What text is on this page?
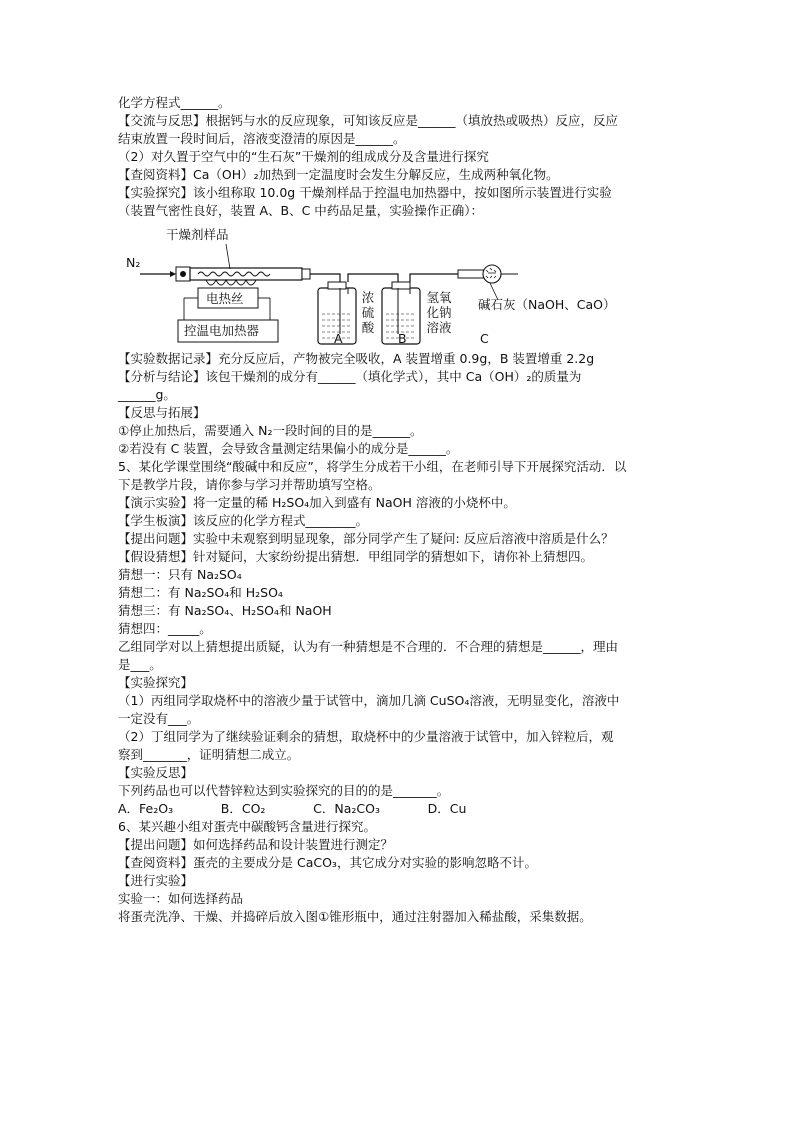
化学方程式______。
【交流与反思】根据钙与水的反应现象，可知该反应是______（填放热或吸热）反应，反应
结束放置一段时间后，溶液变澄清的原因是______。
（2）对久置于空气中的“生石灰”干燥剂的组成成分及含量进行探究
【查阅资料】Ca（OH）₂加热到一定温度时会发生分解反应，生成两种氧化物。
【实验探究】该小组称取 10.0g 干燥剂样品于控温电加热器中，按如图所示装置进行实验
（装置气密性良好，装置 A、B、C 中药品足量，实验操作正确）：
N₂
干燥剂样品
电热丝
控温电加热器
浓
硫
酸
氢氧
化钠
溶液
碱石灰（NaOH、CaO）
A	B	C
【实验数据记录】充分反应后，产物被完全吸收，A 装置增重 0.9g，B 装置增重 2.2g
【分析与结论】该包干燥剂的成分有______（填化学式），其中 Ca（OH）₂的质量为
______g。
【反思与拓展】
①停止加热后，需要通入 N₂一段时间的目的是______。
②若没有 C 装置，会导致含量测定结果偏小的成分是______。
5、某化学课堂围绕“酸碱中和反应”，将学生分成若干小组，在老师引导下开展探究活动．以
下是教学片段，请你参与学习并帮助填写空格。
【演示实验】将一定量的稀 H₂SO₄加入到盛有 NaOH 溶液的小烧杯中。
【学生板演】该反应的化学方程式________。
【提出问题】实验中未观察到明显现象，部分同学产生了疑问: 反应后溶液中溶质是什么？
【假设猜想】针对疑问，大家纷纷提出猜想．甲组同学的猜想如下，请你补上猜想四。
猜想一：只有 Na₂SO₄
猜想二：有 Na₂SO₄和 H₂SO₄
猜想三：有 Na₂SO₄、H₂SO₄和 NaOH
猜想四：_____。
乙组同学对以上猜想提出质疑，认为有一种猜想是不合理的．不合理的猜想是______，理由
是___。
【实验探究】
（1）丙组同学取烧杯中的溶液少量于试管中，滴加几滴 CuSO₄溶液，无明显变化，溶液中
一定没有___。
（2）丁组同学为了继续验证剩余的猜想，取烧杯中的少量溶液于试管中，加入锌粒后，观
察到_______，证明猜想二成立。
【实验反思】
下列药品也可以代替锌粒达到实验探究的目的的是_______。
A．Fe₂O₃            B．CO₂            C．Na₂CO₃            D．Cu
6、某兴趣小组对蛋壳中碳酸钙含量进行探究。
【提出问题】如何选择药品和设计装置进行测定？
【查阅资料】蛋壳的主要成分是 CaCO₃，其它成分对实验的影响忽略不计。
【进行实验】
实验一：如何选择药品
将蛋壳洗净、干燥、并捣碎后放入图①锥形瓶中，通过注射器加入稀盐酸，采集数据。
